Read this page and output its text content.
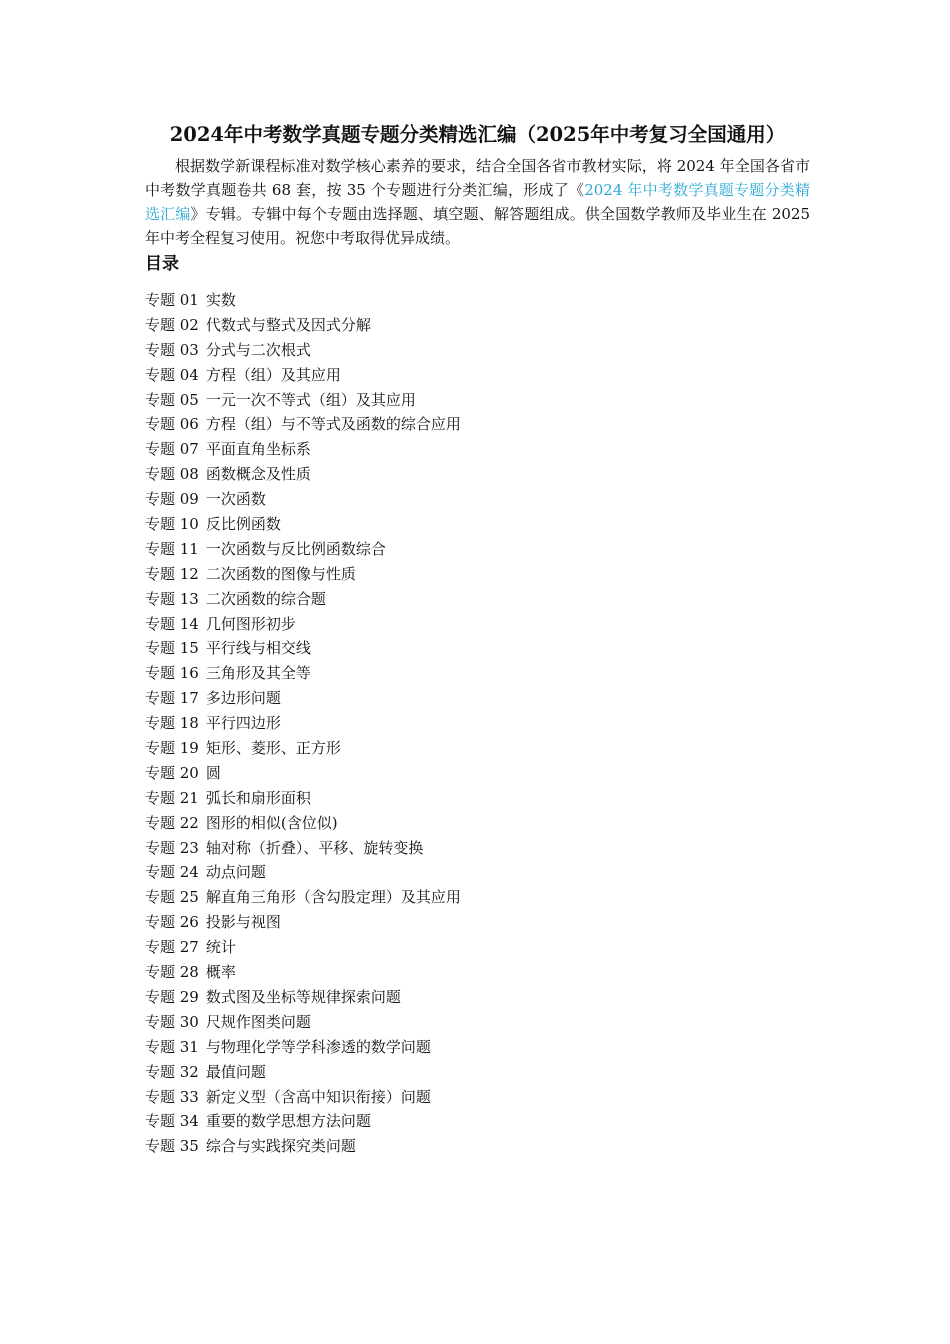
2024年中考数学真题专题分类精选汇编（2025年中考复习全国通用）

根据数学新课程标准对数学核心素养的要求，结合全国各省市教材实际，将 2024 年全国各省市中考数学真题卷共 68 套，按 35 个专题进行分类汇编，形成了《2024 年中考数学真题专题分类精选汇编》专辑。专辑中每个专题由选择题、填空题、解答题组成。供全国数学教师及毕业生在 2025 年中考全程复习使用。祝您中考取得优异成绩。

目录
专题 01 实数
专题 02 代数式与整式及因式分解
专题 03 分式与二次根式
专题 04 方程（组）及其应用
专题 05 一元一次不等式（组）及其应用
专题 06 方程（组）与不等式及函数的综合应用
专题 07 平面直角坐标系
专题 08 函数概念及性质
专题 09 一次函数
专题 10 反比例函数
专题 11 一次函数与反比例函数综合
专题 12 二次函数的图像与性质
专题 13 二次函数的综合题
专题 14 几何图形初步
专题 15 平行线与相交线
专题 16 三角形及其全等
专题 17 多边形问题
专题 18 平行四边形
专题 19 矩形、菱形、正方形
专题 20 圆
专题 21 弧长和扇形面积
专题 22 图形的相似(含位似)
专题 23 轴对称（折叠）、平移、旋转变换
专题 24 动点问题
专题 25 解直角三角形（含勾股定理）及其应用
专题 26 投影与视图
专题 27 统计
专题 28 概率
专题 29 数式图及坐标等规律探索问题
专题 30 尺规作图类问题
专题 31 与物理化学等学科渗透的数学问题
专题 32 最值问题
专题 33 新定义型（含高中知识衔接）问题
专题 34 重要的数学思想方法问题
专题 35 综合与实践探究类问题
